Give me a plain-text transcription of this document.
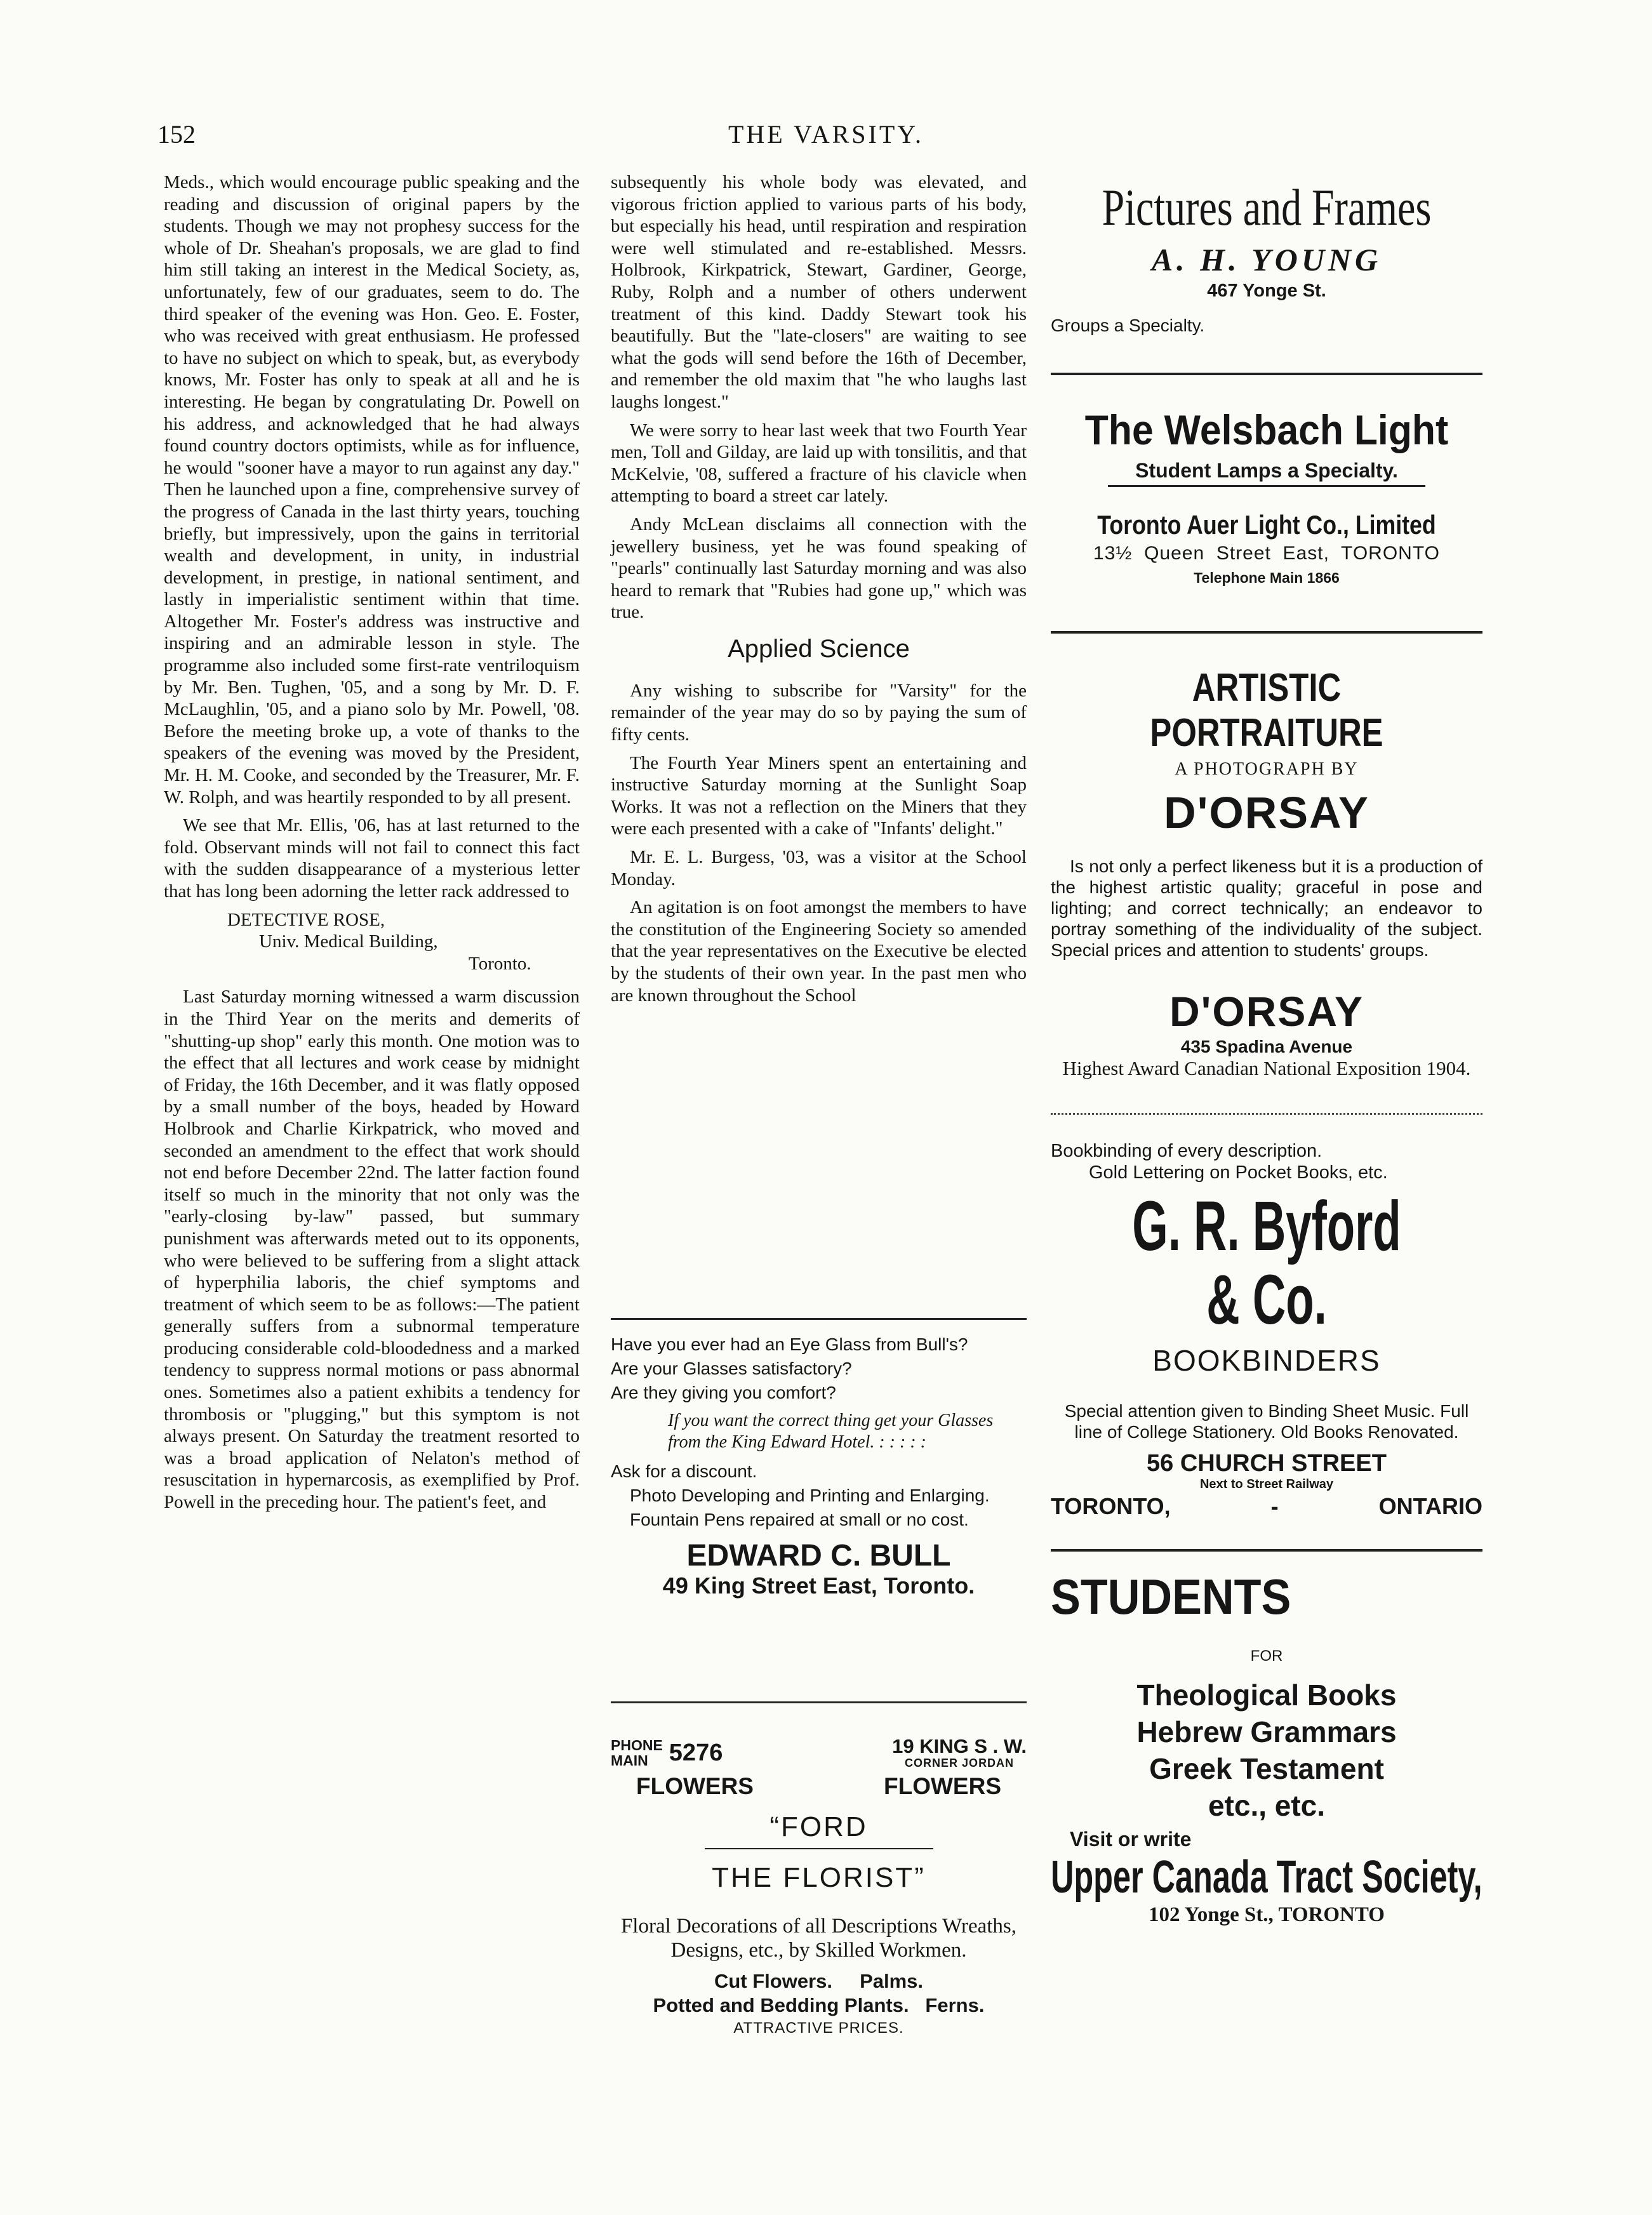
152	THE VARSITY.

Meds., which would encourage public speaking and the reading and discussion of original papers by the students. Though we may not prophesy success for the whole of Dr. Sheahan's proposals, we are glad to find him still taking an interest in the Medical Society, as, unfortunately, few of our graduates, seem to do. The third speaker of the evening was Hon. Geo. E. Foster, who was received with great enthusiasm. He professed to have no subject on which to speak, but, as everybody knows, Mr. Foster has only to speak at all and he is interesting. He began by congratulating Dr. Powell on his address, and acknowledged that he had always found country doctors optimists, while as for influence, he would "sooner have a mayor to run against any day." Then he launched upon a fine, comprehensive survey of the progress of Canada in the last thirty years, touching briefly, but impressively, upon the gains in territorial wealth and development, in unity, in industrial development, in prestige, in national sentiment, and lastly in imperialistic sentiment within that time. Altogether Mr. Foster's address was instructive and inspiring and an admirable lesson in style. The programme also included some first-rate ventriloquism by Mr. Ben. Tughen, '05, and a song by Mr. D. F. McLaughlin, '05, and a piano solo by Mr. Powell, '08. Before the meeting broke up, a vote of thanks to the speakers of the evening was moved by the President, Mr. H. M. Cooke, and seconded by the Treasurer, Mr. F. W. Rolph, and was heartily responded to by all present.

We see that Mr. Ellis, '06, has at last returned to the fold. Observant minds will not fail to connect this fact with the sudden disappearance of a mysterious letter that has long been adorning the letter rack addressed to

DETECTIVE ROSE,
Univ. Medical Building,
Toronto.

Last Saturday morning witnessed a warm discussion in the Third Year on the merits and demerits of "shutting-up shop" early this month. One motion was to the effect that all lectures and work cease by midnight of Friday, the 16th December, and it was flatly opposed by a small number of the boys, headed by Howard Holbrook and Charlie Kirkpatrick, who moved and seconded an amendment to the effect that work should not end before December 22nd. The latter faction found itself so much in the minority that not only was the "early-closing by-law" passed, but summary punishment was afterwards meted out to its opponents, who were believed to be suffering from a slight attack of hyperphilia laboris, the chief symptoms and treatment of which seem to be as follows:—The patient generally suffers from a subnormal temperature producing considerable cold-bloodedness and a marked tendency to suppress normal motions or pass abnormal ones. Sometimes also a patient exhibits a tendency for thrombosis or "plugging," but this symptom is not always present. On Saturday the treatment resorted to was a broad application of Nelaton's method of resuscitation in hypernarcosis, as exemplified by Prof. Powell in the preceding hour. The patient's feet, and

subsequently his whole body was elevated, and vigorous friction applied to various parts of his body, but especially his head, until respiration and respiration were well stimulated and re-established. Messrs. Holbrook, Kirkpatrick, Stewart, Gardiner, George, Ruby, Rolph and a number of others underwent treatment of this kind. Daddy Stewart took his beautifully. But the "late-closers" are waiting to see what the gods will send before the 16th of December, and remember the old maxim that "he who laughs last laughs longest."

We were sorry to hear last week that two Fourth Year men, Toll and Gilday, are laid up with tonsilitis, and that McKelvie, '08, suffered a fracture of his clavicle when attempting to board a street car lately.

Andy McLean disclaims all connection with the jewellery business, yet he was found speaking of "pearls" continually last Saturday morning and was also heard to remark that "Rubies had gone up," which was true.

Applied Science

Any wishing to subscribe for "Varsity" for the remainder of the year may do so by paying the sum of fifty cents.

The Fourth Year Miners spent an entertaining and instructive Saturday morning at the Sunlight Soap Works. It was not a reflection on the Miners that they were each presented with a cake of "Infants' delight."

Mr. E. L. Burgess, '03, was a visitor at the School Monday.

An agitation is on foot amongst the members to have the constitution of the Engineering Society so amended that the year representatives on the Executive be elected by the students of their own year. In the past men who are known throughout the School

Have you ever had an Eye Glass from Bull's?
Are your Glasses satisfactory?
Are they giving you comfort?
If you want the correct thing get your Glasses from the King Edward Hotel. : : : : :
Ask for a discount.
Photo Developing and Printing and Enlarging.
Fountain Pens repaired at small or no cost.
EDWARD C. BULL
49 King Street East, Toronto.
PHONE
MAIN 5276	19 KING S . W.
CORNER JORDAN
FLOWERS	FLOWERS
“FORD
THE FLORIST”
Floral Decorations of all Descriptions Wreaths, Designs, etc., by Skilled Workmen.
Cut Flowers.     Palms.
Potted and Bedding Plants.   Ferns.
ATTRACTIVE PRICES.
Pictures and Frames
A. H. YOUNG
467 Yonge St.
Groups a Specialty.
The Welsbach Light
Student Lamps a Specialty.
Toronto Auer Light Co., Limited
13½  Queen  Street  East,  TORONTO
Telephone Main 1866
ARTISTIC PORTRAITURE
A PHOTOGRAPH BY
D'ORSAY

Is not only a perfect likeness but it is a production of the highest artistic quality; graceful in pose and lighting; and correct technically; an endeavor to portray something of the individuality of the subject. Special prices and attention to students' groups.

D'ORSAY
435 Spadina Avenue
Highest Award Canadian National Exposition 1904.
Bookbinding of every description.
Gold Lettering on Pocket Books, etc.
G. R. Byford & Co.
BOOKBINDERS
Special attention given to Binding Sheet Music. Full line of College Stationery. Old Books Renovated.
56 CHURCH STREET
Next to Street Railway
TORONTO,	-	ONTARIO
STUDENTS
FOR
Theological Books
Hebrew Grammars
Greek Testament
etc., etc.
Visit or write
Upper Canada Tract Society,
102 Yonge St., TORONTO
